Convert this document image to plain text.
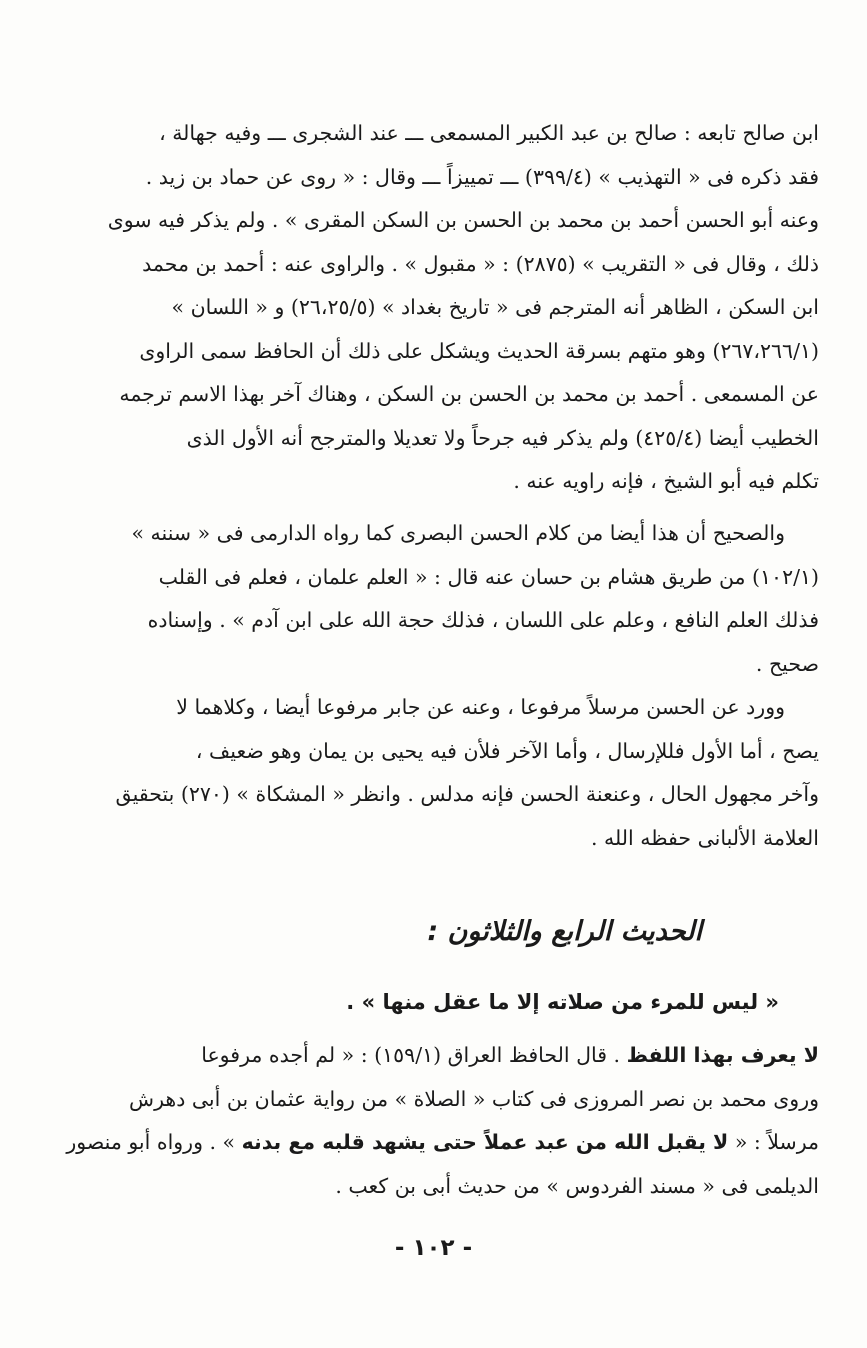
ابن صالح تابعه : صالح بن عبد الكبير المسمعى ـــ عند الشجرى ـــ وفيه جهالة ،
فقد ذكره فى « التهذيب » (٣٩٩/٤) ـــ تمييزاً ـــ وقال : « روى عن حماد بن زيد .
وعنه أبو الحسن أحمد بن محمد بن الحسن بن السكن المقرى » . ولم يذكر فيه سوى
ذلك ، وقال فى « التقريب » (٢٨٧٥) : « مقبول » . والراوى عنه : أحمد بن محمد
ابن السكن ، الظاهر أنه المترجم فى « تاريخ بغداد » (٢٦،٢٥/٥) و « اللسان »
(٢٦٧،٢٦٦/١) وهو متهم بسرقة الحديث ويشكل على ذلك أن الحافظ سمى الراوى
عن المسمعى . أحمد بن محمد بن الحسن بن السكن ، وهناك آخر بهذا الاسم ترجمه
الخطيب أيضا (٤٢٥/٤) ولم يذكر فيه جرحاً ولا تعديلا والمترجح أنه الأول الذى
تكلم فيه أبو الشيخ ، فإنه راويه عنه .
والصحيح أن هذا أيضا من كلام الحسن البصرى كما رواه الدارمى فى « سننه »
(١٠٢/١) من طريق هشام بن حسان عنه قال : « العلم علمان ، فعلم فى القلب
فذلك العلم النافع ، وعلم على اللسان ، فذلك حجة الله على ابن آدم » . وإسناده
صحيح .
وورد عن الحسن مرسلاً مرفوعا ، وعنه عن جابر مرفوعا أيضا ، وكلاهما لا
يصح ، أما الأول فللإرسال ، وأما الآخر فلأن فيه يحيى بن يمان وهو ضعيف ،
وآخر مجهول الحال ، وعنعنة الحسن فإنه مدلس . وانظر « المشكاة » (٢٧٠) بتحقيق
العلامة الألبانى حفظه الله .
الحديث الرابع والثلاثون :
« ليس للمرء من صلاته إلا ما عقل منها » .
لا يعرف بهذا اللفظ . قال الحافظ العراق (١٥٩/١) : « لم أجده مرفوعا
وروى محمد بن نصر المروزى فى كتاب « الصلاة » من رواية عثمان بن أبى دهرش
مرسلاً : « لا يقبل الله من عبد عملاً حتى يشهد قلبه مع بدنه » . ورواه أبو منصور
الديلمى فى « مسند الفردوس » من حديث أبى بن كعب .
- ١٠٢ -
